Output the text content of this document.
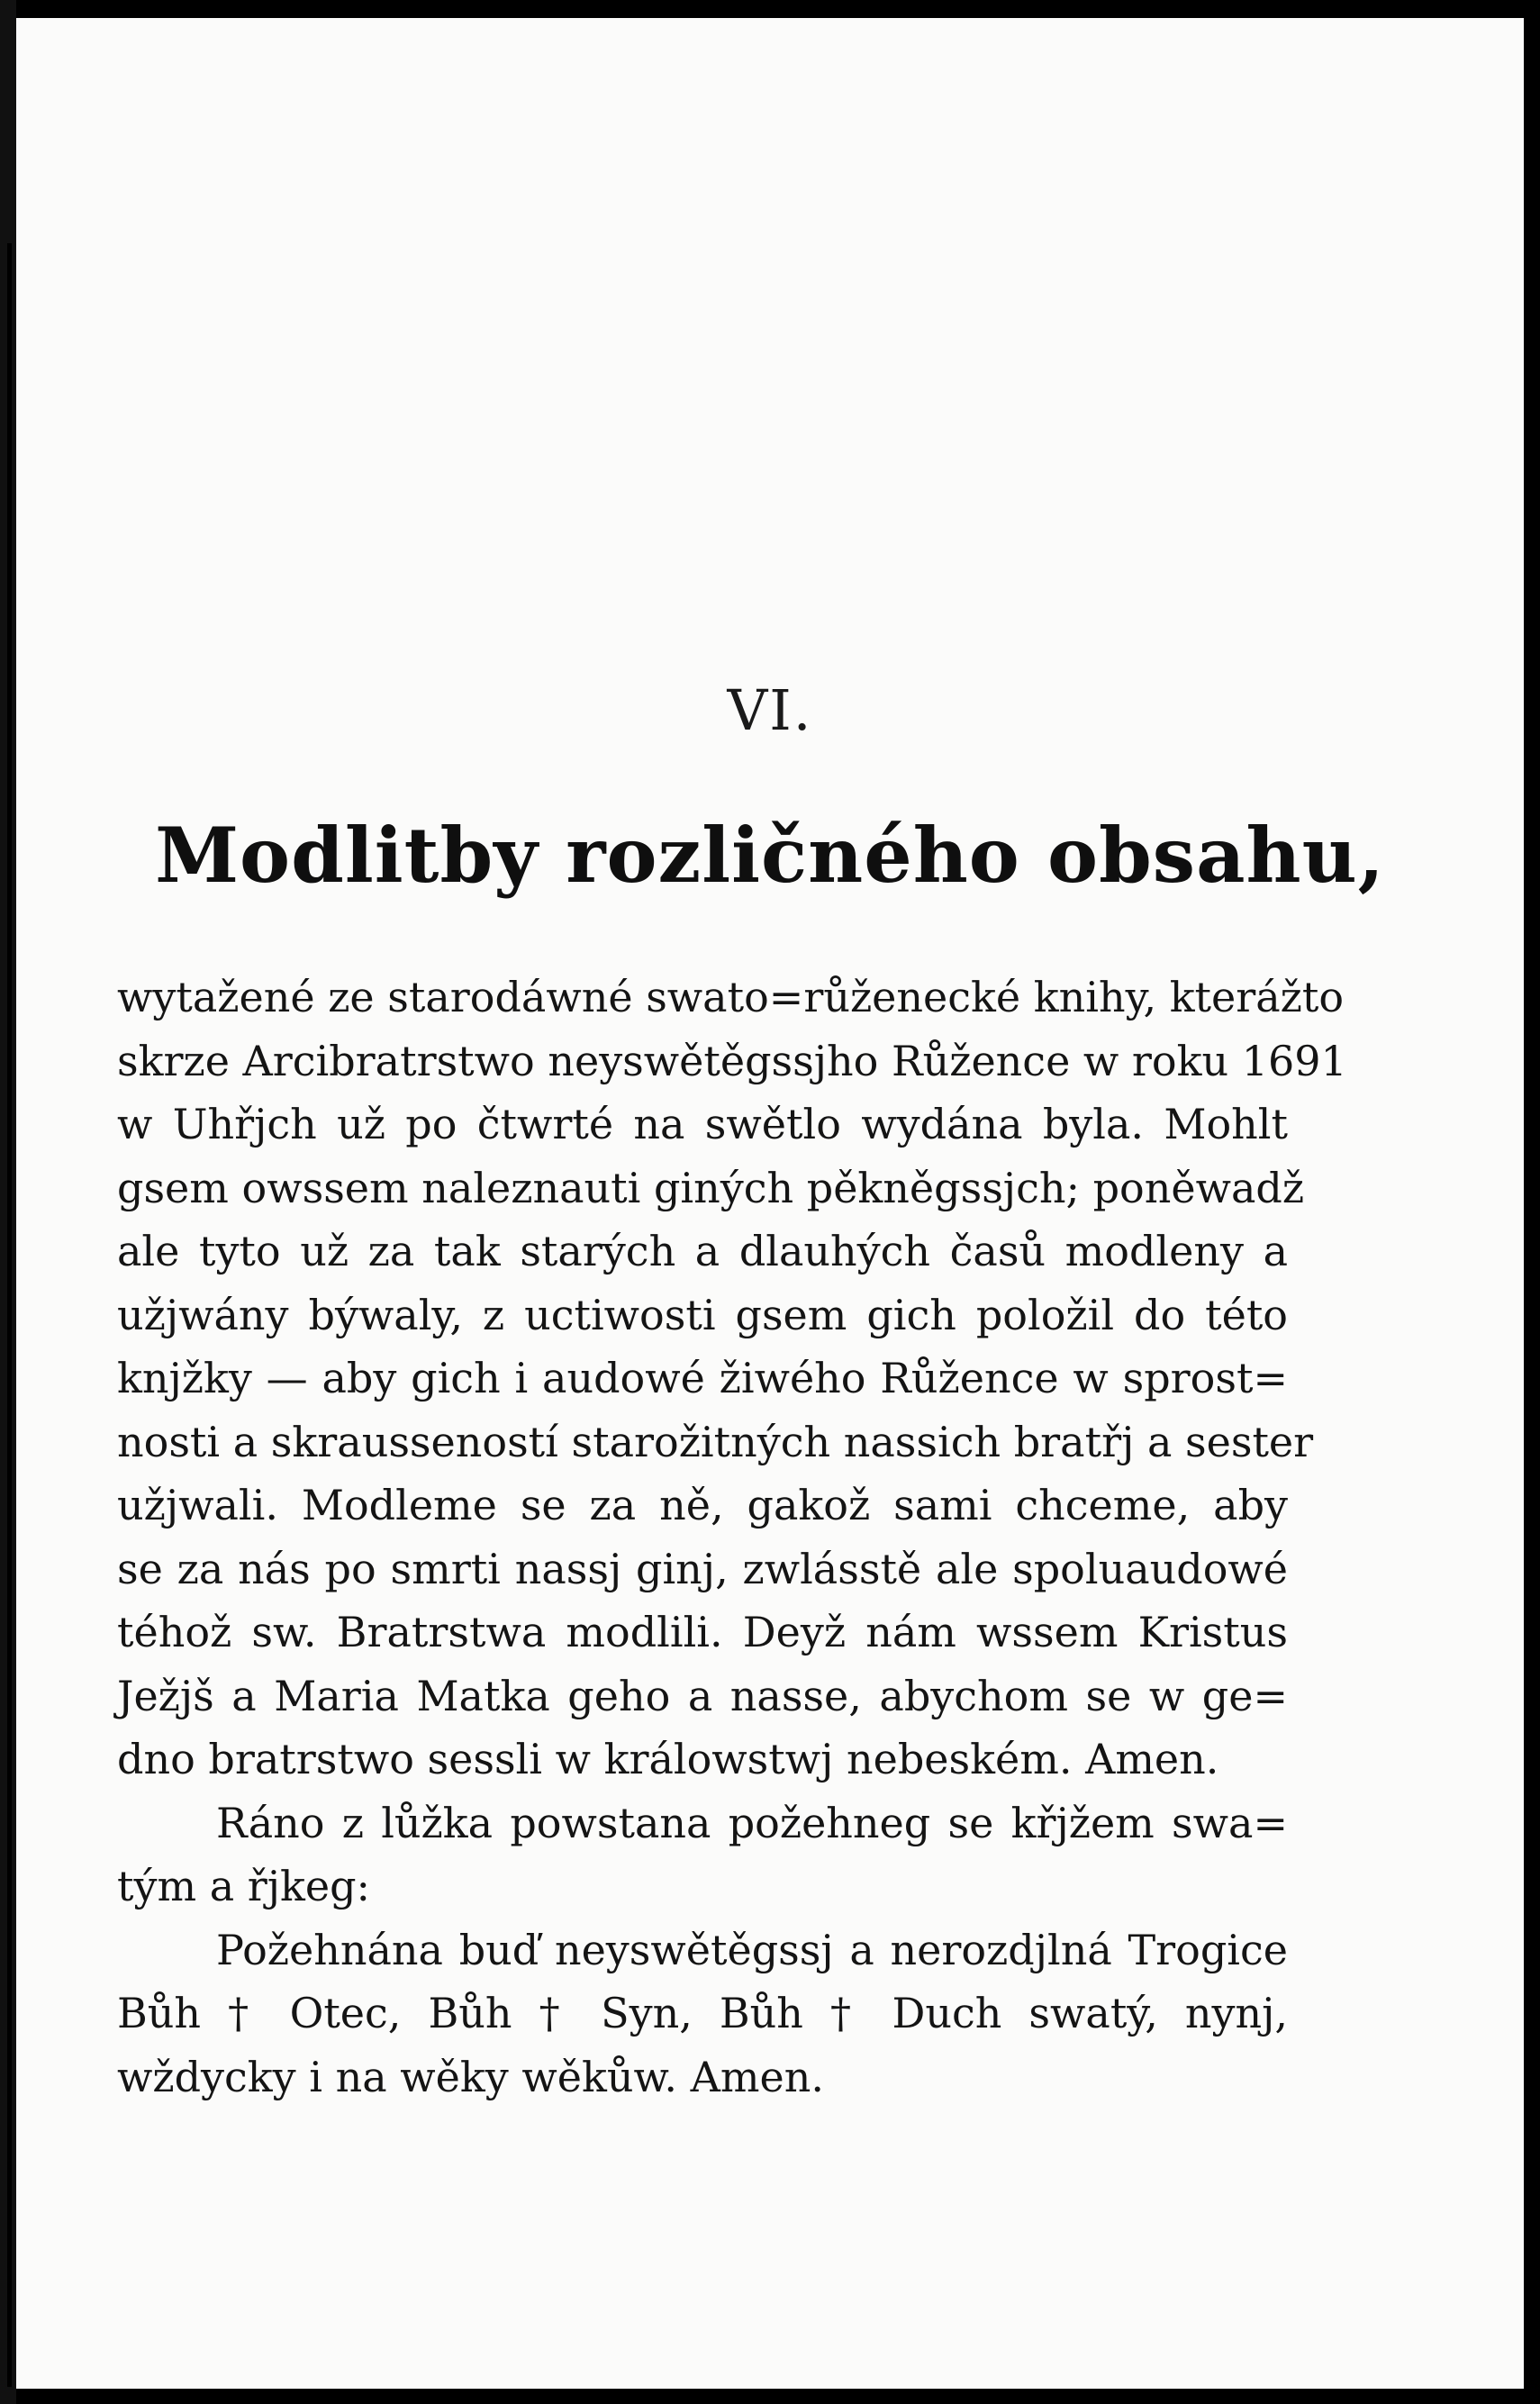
VI.
Modlitby rozličného obsahu,
wytažené ze starodáwné swato=růženecké knihy, kterážto
skrze Arcibratrstwo neyswětěgssjho Růžence w roku 1691
w Uhřjch už po čtwrté na swětlo wydána byla. Mohlt
gsem owssem naleznauti giných pěkněgssjch; poněwadž
ale tyto už za tak starých a dlauhých časů modleny a
užjwány býwaly, z uctiwosti gsem gich položil do této
knjžky — aby gich i audowé žiwého Růžence w sprost=
nosti a skrausseností starožitných nassich bratřj a sester
užjwali. Modleme se za ně, gakož sami chceme, aby
se za nás po smrti nassj ginj, zwlásstě ale spoluaudowé
téhož sw. Bratrstwa modlili. Deyž nám wssem Kristus
Ježjš a Maria Matka geho a nasse, abychom se w ge=
dno bratrstwo sessli w králowstwj nebeském. Amen.
Ráno z lůžka powstana požehneg se křjžem swa=
tým a řjkeg:
Požehnána buď neyswětěgssj a nerozdjlná Trogice
Bůh † Otec, Bůh † Syn, Bůh † Duch swatý, nynj,
wždycky i na wěky wěkůw. Amen.
